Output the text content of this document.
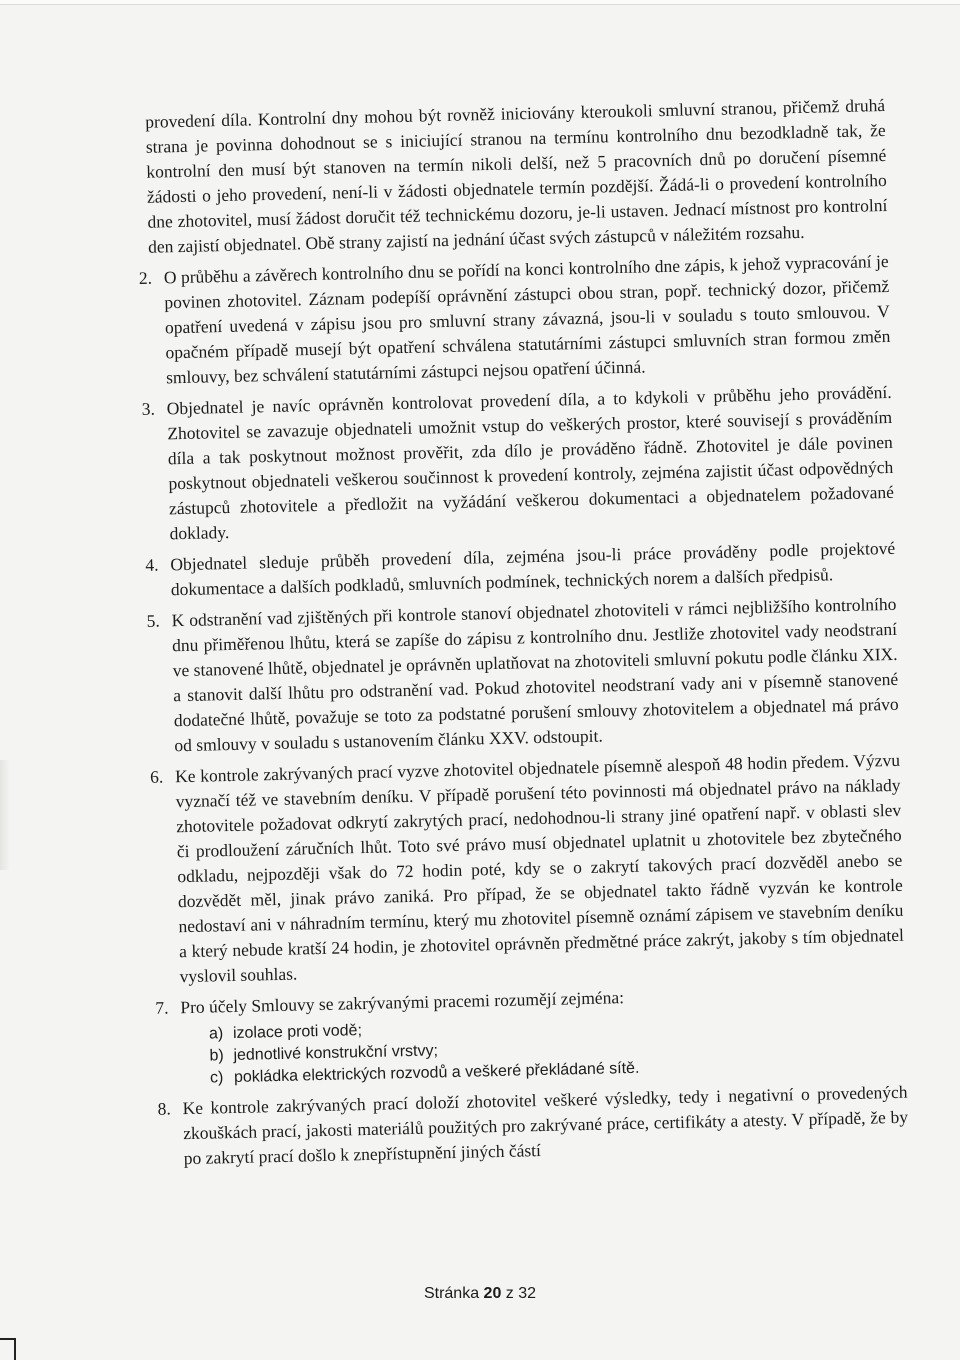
provedení díla. Kontrolní dny mohou být rovněž iniciovány kteroukoli smluvní stranou, přičemž druhá strana je povinna dohodnout se s iniciující stranou na termínu kontrolního dnu bezodkladně tak, že kontrolní den musí být stanoven na termín nikoli delší, než 5 pracovních dnů po doručení písemné žádosti o jeho provedení, není-li v žádosti objednatele termín pozdější. Žádá-li o provedení kontrolního dne zhotovitel, musí žádost doručit též technickému dozoru, je-li ustaven. Jednací místnost pro kontrolní den zajistí objednatel. Obě strany zajistí na jednání účast svých zástupců v náležitém rozsahu.

2. O průběhu a závěrech kontrolního dnu se pořídí na konci kontrolního dne zápis, k jehož vypracování je povinen zhotovitel. Záznam podepíší oprávnění zástupci obou stran, popř. technický dozor, přičemž opatření uvedená v zápisu jsou pro smluvní strany závazná, jsou-li v souladu s touto smlouvou. V opačném případě musejí být opatření schválena statutárními zástupci smluvních stran formou změn smlouvy, bez schválení statutárními zástupci nejsou opatření účinná.

3. Objednatel je navíc oprávněn kontrolovat provedení díla, a to kdykoli v průběhu jeho provádění. Zhotovitel se zavazuje objednateli umožnit vstup do veškerých prostor, které souvisejí s prováděním díla a tak poskytnout možnost prověřit, zda dílo je prováděno řádně. Zhotovitel je dále povinen poskytnout objednateli veškerou součinnost k provedení kontroly, zejména zajistit účast odpovědných zástupců zhotovitele a předložit na vyžádání veškerou dokumentaci a objednatelem požadované doklady.

4. Objednatel sleduje průběh provedení díla, zejména jsou-li práce prováděny podle projektové dokumentace a dalších podkladů, smluvních podmínek, technických norem a dalších předpisů.

5. K odstranění vad zjištěných při kontrole stanoví objednatel zhotoviteli v rámci nejbližšího kontrolního dnu přiměřenou lhůtu, která se zapíše do zápisu z kontrolního dnu. Jestliže zhotovitel vady neodstraní ve stanovené lhůtě, objednatel je oprávněn uplatňovat na zhotoviteli smluvní pokutu podle článku XIX. a stanovit další lhůtu pro odstranění vad. Pokud zhotovitel neodstraní vady ani v písemně stanovené dodatečné lhůtě, považuje se toto za podstatné porušení smlouvy zhotovitelem a objednatel má právo od smlouvy v souladu s ustanovením článku XXV. odstoupit.

6. Ke kontrole zakrývaných prací vyzve zhotovitel objednatele písemně alespoň 48 hodin předem. Výzvu vyznačí též ve stavebním deníku. V případě porušení této povinnosti má objednatel právo na náklady zhotovitele požadovat odkrytí zakrytých prací, nedohodnou-li strany jiné opatření např. v oblasti slev či prodloužení záručních lhůt. Toto své právo musí objednatel uplatnit u zhotovitele bez zbytečného odkladu, nejpozději však do 72 hodin poté, kdy se o zakrytí takových prací dozvěděl anebo se dozvědět měl, jinak právo zaniká. Pro případ, že se objednatel takto řádně vyzván ke kontrole nedostaví ani v náhradním termínu, který mu zhotovitel písemně oznámí zápisem ve stavebním deníku a který nebude kratší 24 hodin, je zhotovitel oprávněn předmětné práce zakrýt, jakoby s tím objednatel vyslovil souhlas.

7. Pro účely Smlouvy se zakrývanými pracemi rozumějí zejména:

a) izolace proti vodě;
b) jednotlivé konstrukční vrstvy;
c) pokládka elektrických rozvodů a veškeré překládané sítě.
8. Ke kontrole zakrývaných prací doloží zhotovitel veškeré výsledky, tedy i negativní o provedených zkouškách prací, jakosti materiálů použitých pro zakrývané práce, certifikáty a atesty. V případě, že by po zakrytí prací došlo k znepřístupnění jiných částí

Stránka 20 z 32
